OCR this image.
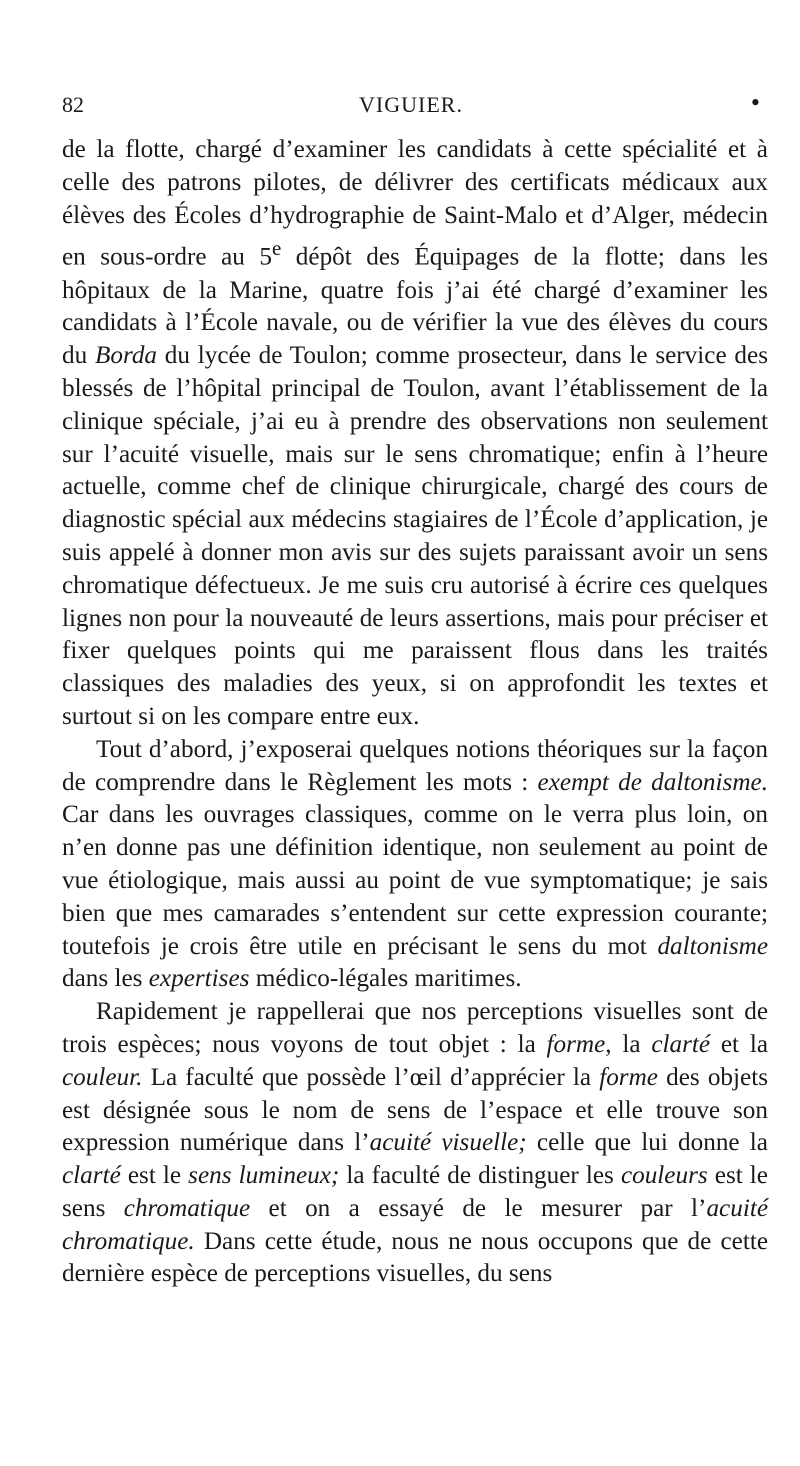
82	VIGUIER.	•

de la flotte, chargé d’examiner les candidats à cette spécialité et à celle des patrons pilotes, de délivrer des certificats médicaux aux élèves des Écoles d’hydrographie de Saint-Malo et d’Alger, médecin en sous-ordre au 5e dépôt des Équipages de la flotte; dans les hôpitaux de la Marine, quatre fois j’ai été chargé d’examiner les candidats à l’École navale, ou de vérifier la vue des élèves du cours du Borda du lycée de Toulon; comme prosecteur, dans le service des blessés de l’hôpital principal de Toulon, avant l’établissement de la clinique spéciale, j’ai eu à prendre des observations non seulement sur l’acuité visuelle, mais sur le sens chromatique; enfin à l’heure actuelle, comme chef de clinique chirurgicale, chargé des cours de diagnostic spécial aux médecins stagiaires de l’École d’application, je suis appelé à donner mon avis sur des sujets paraissant avoir un sens chromatique défectueux. Je me suis cru autorisé à écrire ces quelques lignes non pour la nouveauté de leurs assertions, mais pour préciser et fixer quelques points qui me paraissent flous dans les traités classiques des maladies des yeux, si on approfondit les textes et surtout si on les compare entre eux.

Tout d’abord, j’exposerai quelques notions théoriques sur la façon de comprendre dans le Règlement les mots : exempt de daltonisme. Car dans les ouvrages classiques, comme on le verra plus loin, on n’en donne pas une définition identique, non seulement au point de vue étiologique, mais aussi au point de vue symptomatique; je sais bien que mes camarades s’entendent sur cette expression courante; toutefois je crois être utile en précisant le sens du mot daltonisme dans les expertises médico-légales maritimes.

Rapidement je rappellerai que nos perceptions visuelles sont de trois espèces; nous voyons de tout objet : la forme, la clarté et la couleur. La faculté que possède l’œil d’apprécier la forme des objets est désignée sous le nom de sens de l’espace et elle trouve son expression numérique dans l’acuité visuelle; celle que lui donne la clarté est le sens lumineux; la faculté de distinguer les couleurs est le sens chromatique et on a essayé de le mesurer par l’acuité chromatique. Dans cette étude, nous ne nous occupons que de cette dernière espèce de perceptions visuelles, du sens
